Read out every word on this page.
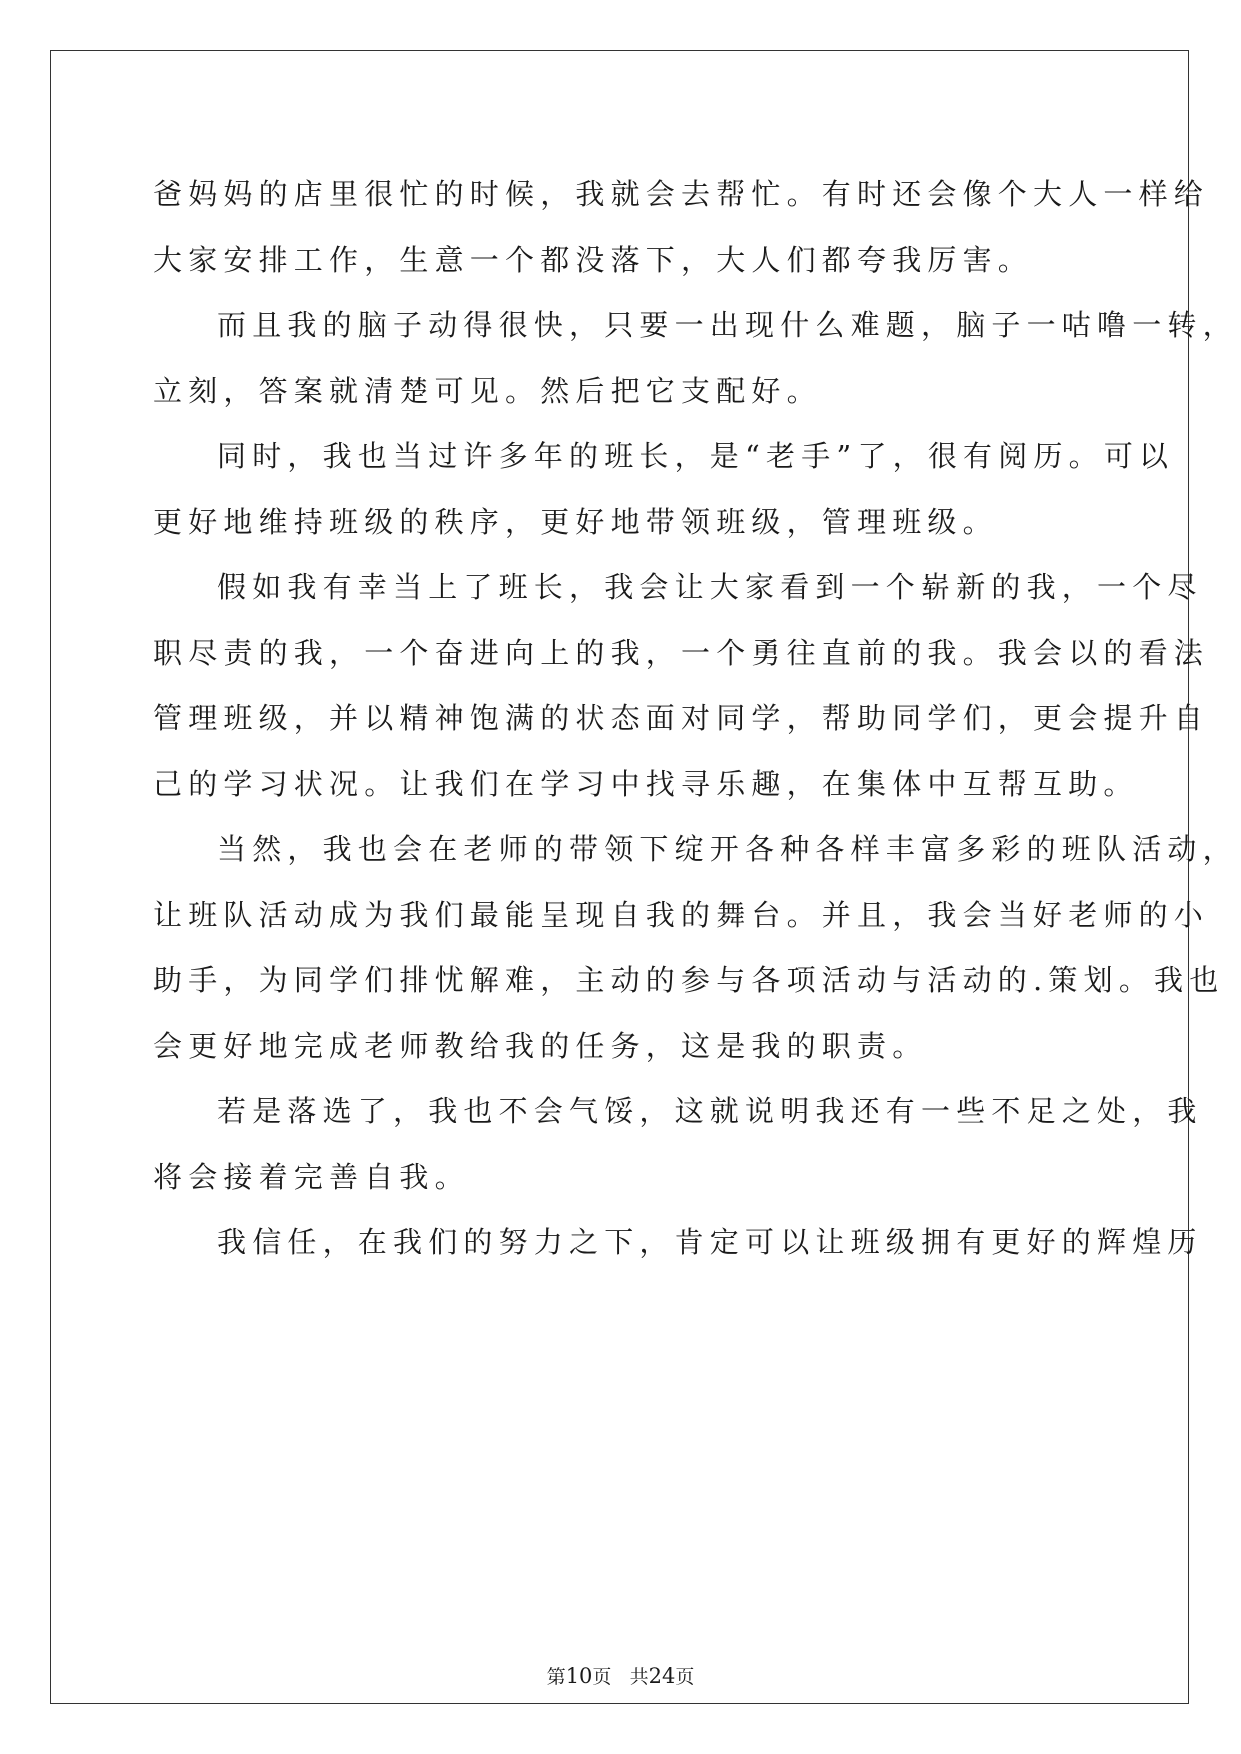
爸妈妈的店里很忙的时候，我就会去帮忙。有时还会像个大人一样给
大家安排工作，生意一个都没落下，大人们都夸我厉害。
而且我的脑子动得很快，只要一出现什么难题，脑子一咕噜一转，
立刻，答案就清楚可见。然后把它支配好。
同时，我也当过许多年的班长，是“老手”了，很有阅历。可以
更好地维持班级的秩序，更好地带领班级，管理班级。
假如我有幸当上了班长，我会让大家看到一个崭新的我，一个尽
职尽责的我，一个奋进向上的我，一个勇往直前的我。我会以的看法
管理班级，并以精神饱满的状态面对同学，帮助同学们，更会提升自
己的学习状况。让我们在学习中找寻乐趣，在集体中互帮互助。
当然，我也会在老师的带领下绽开各种各样丰富多彩的班队活动，
让班队活动成为我们最能呈现自我的舞台。并且，我会当好老师的小
助手，为同学们排忧解难，主动的参与各项活动与活动的.策划。我也
会更好地完成老师教给我的任务，这是我的职责。
若是落选了，我也不会气馁，这就说明我还有一些不足之处，我
将会接着完善自我。
我信任，在我们的努力之下，肯定可以让班级拥有更好的辉煌历
第10页 共24页
